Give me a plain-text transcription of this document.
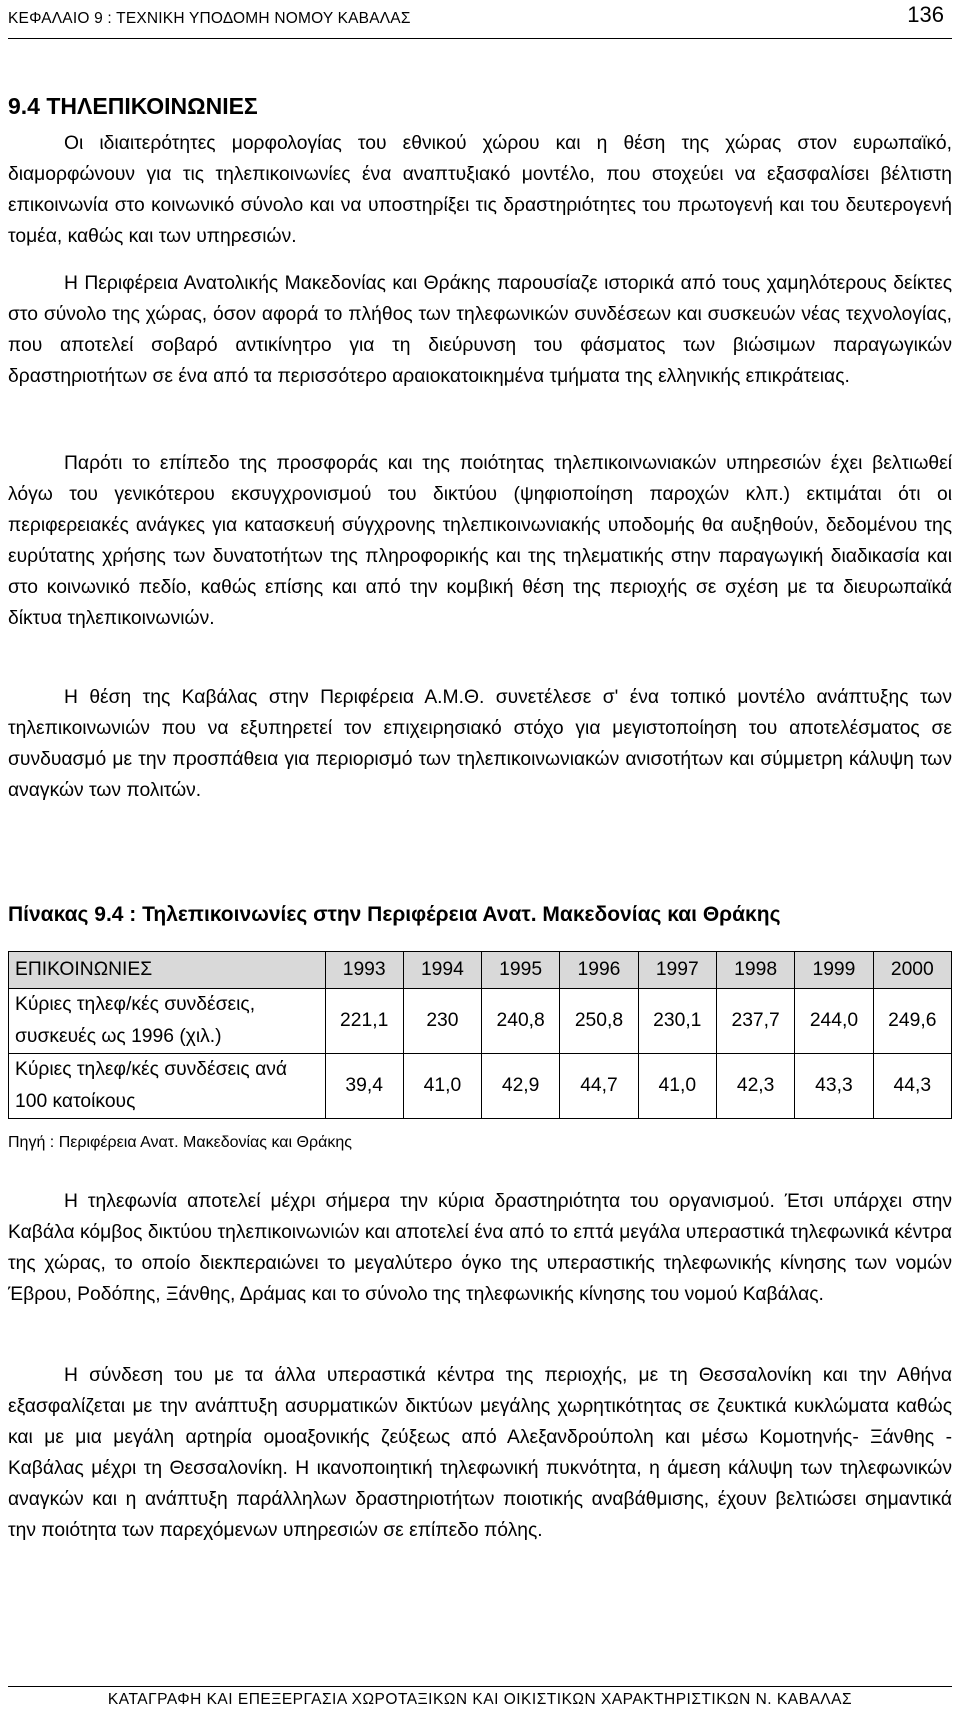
ΚΕΦΑΛΑΙΟ 9 : ΤΕΧΝΙΚΗ ΥΠΟΔΟΜΗ ΝΟΜΟΥ ΚΑΒΑΛΑΣ	136
9.4 ΤΗΛΕΠΙΚΟΙΝΩΝΙΕΣ

Οι ιδιαιτερότητες μορφολογίας του εθνικού χώρου και η θέση της χώρας στον ευρωπαϊκό, διαμορφώνουν για τις τηλεπικοινωνίες ένα αναπτυξιακό μοντέλο, που στοχεύει να εξασφαλίσει βέλτιστη επικοινωνία στο κοινωνικό σύνολο και να υποστηρίξει τις δραστηριότητες του πρωτογενή και του δευτερογενή τομέα, καθώς και των υπηρεσιών.

Η Περιφέρεια Ανατολικής Μακεδονίας και Θράκης παρουσίαζε ιστορικά από τους χαμηλότερους δείκτες στο σύνολο της χώρας, όσον αφορά το πλήθος των τηλεφωνικών συνδέσεων και συσκευών νέας τεχνολογίας, που αποτελεί σοβαρό αντικίνητρο για τη διεύρυνση του φάσματος των βιώσιμων παραγωγικών δραστηριοτήτων σε ένα από τα περισσότερο αραιοκατοικημένα τμήματα της ελληνικής επικράτειας.

Παρότι το επίπεδο της προσφοράς και της ποιότητας τηλεπικοινωνιακών υπηρεσιών έχει βελτιωθεί λόγω του γενικότερου εκσυγχρονισμού του δικτύου (ψηφιοποίηση παροχών κλπ.) εκτιμάται ότι οι περιφερειακές ανάγκες για κατασκευή σύγχρονης τηλεπικοινωνιακής υποδομής θα αυξηθούν, δεδομένου της ευρύτατης χρήσης των δυνατοτήτων της πληροφορικής και της τηλεματικής στην παραγωγική διαδικασία και στο κοινωνικό πεδίο, καθώς επίσης και από την κομβική θέση της περιοχής σε σχέση με τα διευρωπαϊκά δίκτυα τηλεπικοινωνιών.

Η θέση της Καβάλας στην Περιφέρεια Α.Μ.Θ. συνετέλεσε σ' ένα τοπικό μοντέλο ανάπτυξης των τηλεπικοινωνιών που να εξυπηρετεί τον επιχειρησιακό στόχο για μεγιστοποίηση του αποτελέσματος σε συνδυασμό με την προσπάθεια για περιορισμό των τηλεπικοινωνιακών ανισοτήτων και σύμμετρη κάλυψη των αναγκών των πολιτών.

Πίνακας 9.4 : Τηλεπικοινωνίες στην Περιφέρεια Ανατ. Μακεδονίας και Θράκης
ΕΠΙΚΟΙΝΩΝΙΕΣ	1993	1994	1995	1996	1997	1998	1999	2000
Κύριες τηλεφ/κές συνδέσεις, συσκευές ως 1996 (χιλ.)	221,1	230	240,8	250,8	230,1	237,7	244,0	249,6
Κύριες τηλεφ/κές συνδέσεις ανά 100 κατοίκους	39,4	41,0	42,9	44,7	41,0	42,3	43,3	44,3
Πηγή : Περιφέρεια Ανατ. Μακεδονίας και Θράκης

Η τηλεφωνία αποτελεί μέχρι σήμερα την κύρια δραστηριότητα του οργανισμού. Έτσι υπάρχει στην Καβάλα κόμβος δικτύου τηλεπικοινωνιών και αποτελεί ένα από το επτά μεγάλα υπεραστικά τηλεφωνικά κέντρα της χώρας, το οποίο διεκπεραιώνει το μεγαλύτερο όγκο της υπεραστικής τηλεφωνικής κίνησης των νομών Έβρου, Ροδόπης, Ξάνθης, Δράμας και το σύνολο της τηλεφωνικής κίνησης του νομού Καβάλας.

Η σύνδεση του με τα άλλα υπεραστικά κέντρα της περιοχής, με τη Θεσσαλονίκη και την Αθήνα εξασφαλίζεται με την ανάπτυξη ασυρματικών δικτύων μεγάλης χωρητικότητας σε ζευκτικά κυκλώματα καθώς και με μια μεγάλη αρτηρία ομοαξονικής ζεύξεως από Αλεξανδρούπολη και μέσω Κομοτηνής- Ξάνθης - Καβάλας μέχρι τη Θεσσαλονίκη. Η ικανοποιητική τηλεφωνική πυκνότητα, η άμεση κάλυψη των τηλεφωνικών αναγκών και η ανάπτυξη παράλληλων δραστηριοτήτων ποιοτικής αναβάθμισης, έχουν βελτιώσει σημαντικά την ποιότητα των παρεχόμενων υπηρεσιών σε επίπεδο πόλης.

ΚΑΤΑΓΡΑΦΗ ΚΑΙ ΕΠΕΞΕΡΓΑΣΙΑ ΧΩΡΟΤΑΞΙΚΩΝ ΚΑΙ ΟΙΚΙΣΤΙΚΩΝ ΧΑΡΑΚΤΗΡΙΣΤΙΚΩΝ Ν. ΚΑΒΑΛΑΣ
